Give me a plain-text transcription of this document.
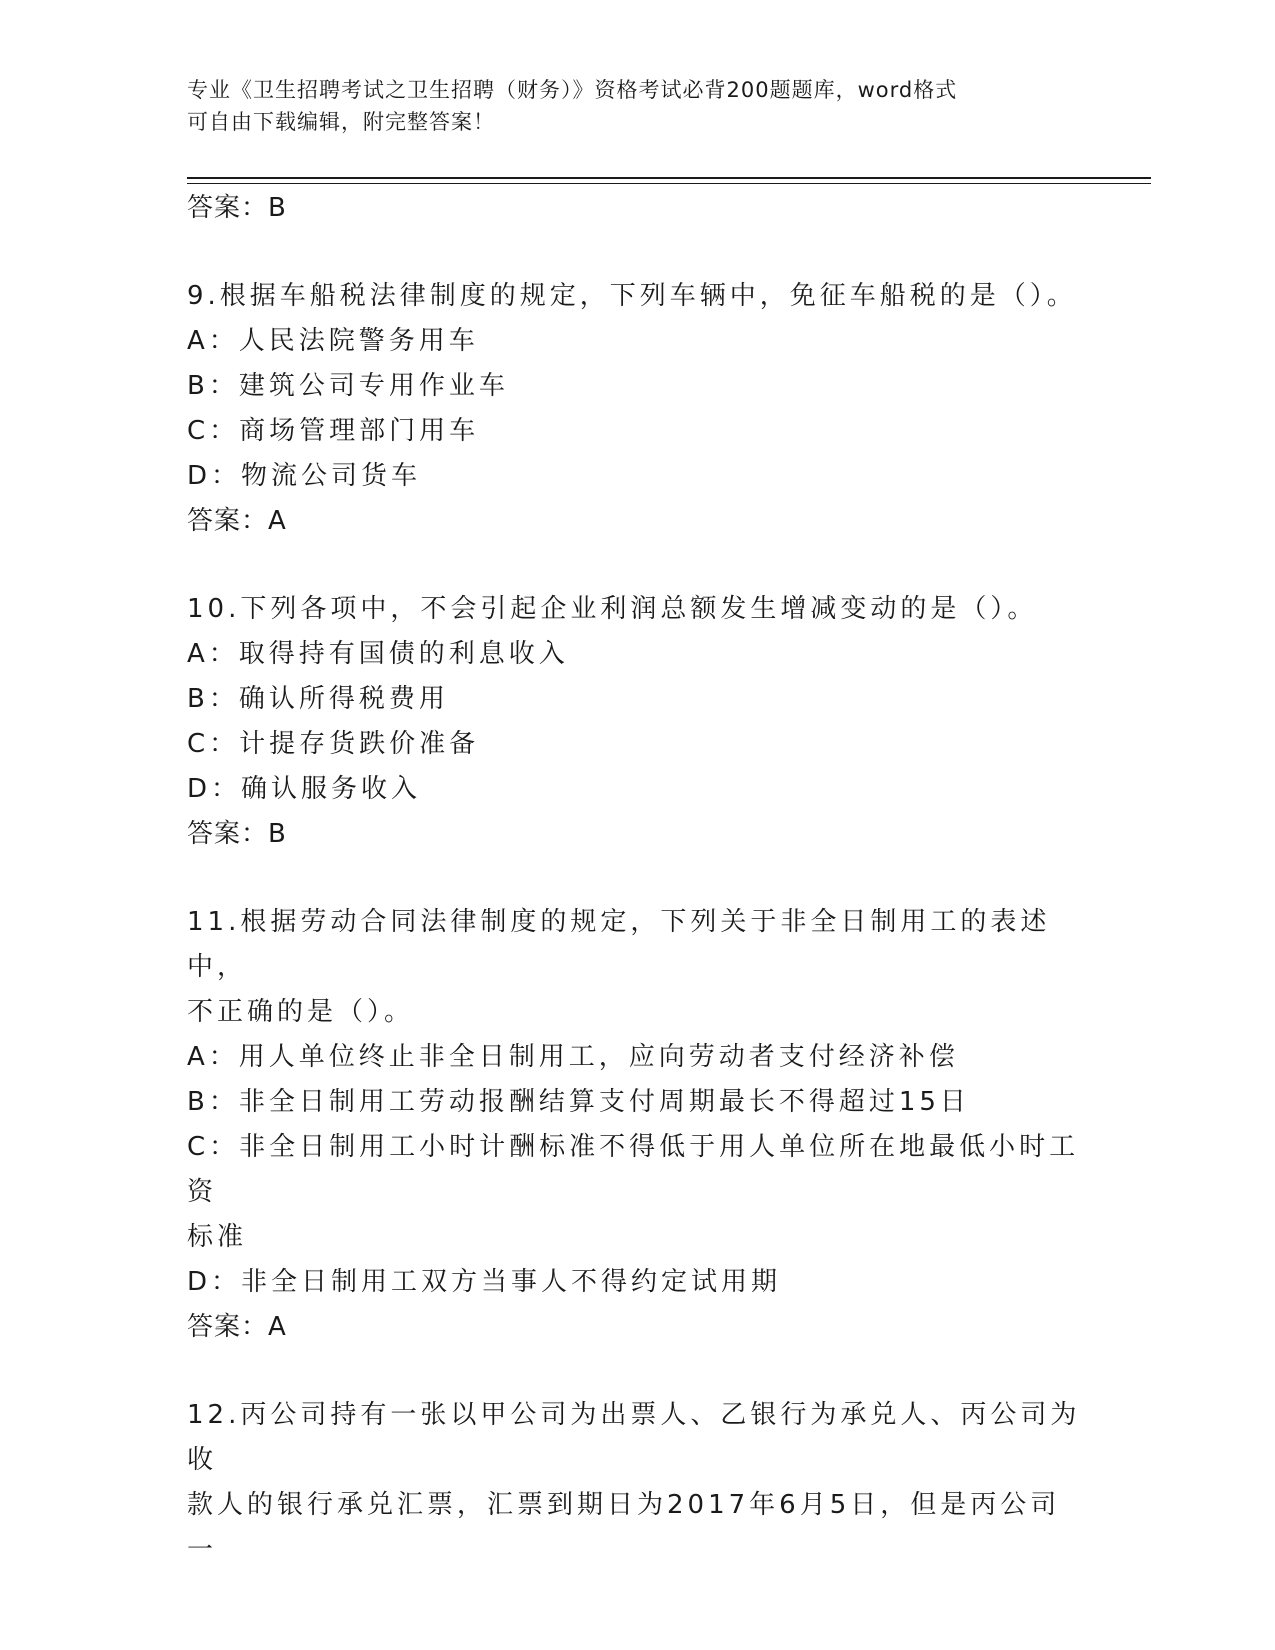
专业《卫生招聘考试之卫生招聘（财务）》资格考试必背200题题库，word格式
可自由下载编辑，附完整答案！
答案：B
9.根据车船税法律制度的规定，下列车辆中，免征车船税的是（）。
A：人民法院警务用车
B：建筑公司专用作业车
C：商场管理部门用车
D：物流公司货车
答案：A
10.下列各项中，不会引起企业利润总额发生增减变动的是（）。
A：取得持有国债的利息收入
B：确认所得税费用
C：计提存货跌价准备
D：确认服务收入
答案：B
11.根据劳动合同法律制度的规定，下列关于非全日制用工的表述中，
不正确的是（）。
A：用人单位终止非全日制用工，应向劳动者支付经济补偿
B：非全日制用工劳动报酬结算支付周期最长不得超过15日
C：非全日制用工小时计酬标准不得低于用人单位所在地最低小时工资
标准
D：非全日制用工双方当事人不得约定试用期
答案：A
12.丙公司持有一张以甲公司为出票人、乙银行为承兑人、丙公司为收
款人的银行承兑汇票，汇票到期日为2017年6月5日，但是丙公司一
